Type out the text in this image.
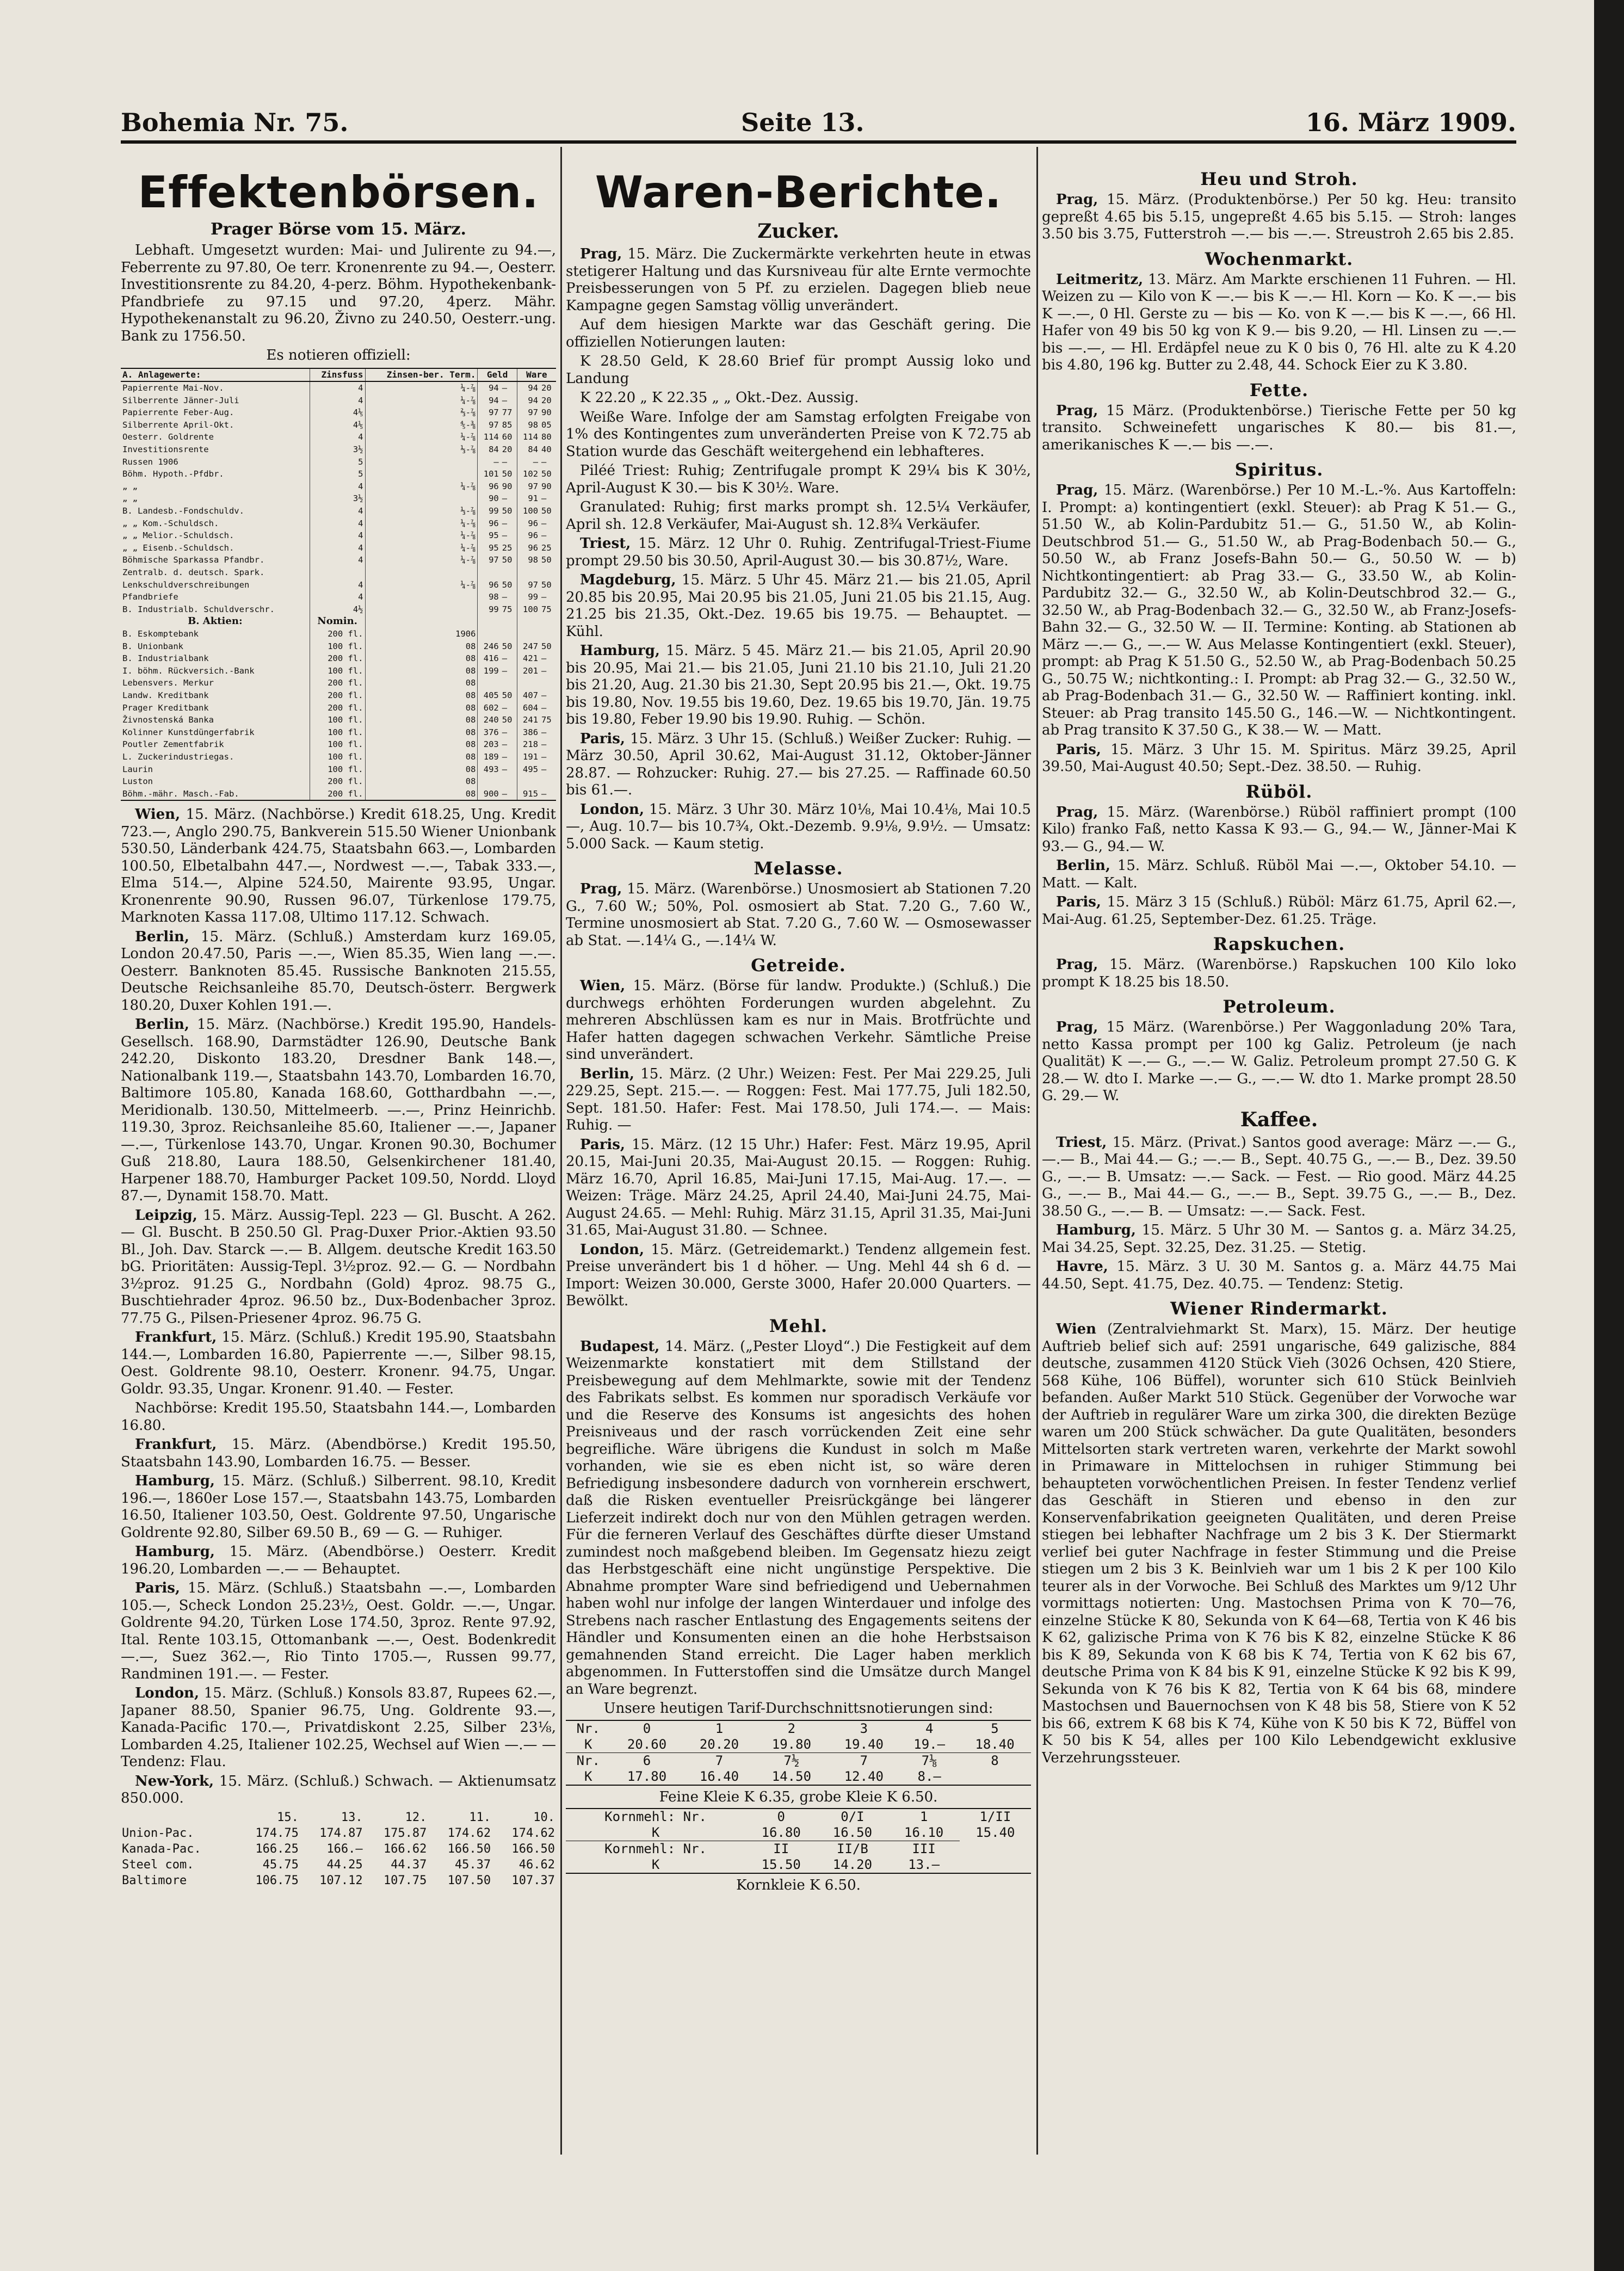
Bohemia Nr. 75.	Seite 13.	16. März 1909.
Effektenbörsen.
Prager Börse vom 15. März.

Lebhaft. Umgesetzt wurden: Mai- und Julirente zu 94.—, Feberrente zu 97.80, Oe terr. Kronenrente zu 94.—, Oesterr. Investitionsrente zu 84.20, 4-perz. Böhm. Hypothekenbank-Pfandbriefe zu 97.15 und 97.20, 4perz. Mähr. Hypothekenanstalt zu 96.20, Živno zu 240.50, Oesterr.-ung. Bank zu 1756.50.

Es notieren offiziell:

A. Anlagewerte:	Zinsfuss	Zinsen-ber. Term.	Geld		Ware	
Papierrente Mai-Nov.	4	¼-⅞	94	—	94	20
Silberrente Jänner-Juli	4	¼-⅞	94	—	94	20
Papierrente Feber-Aug.	4⅕	⅔-⅞	97	77	97	90
Silberrente April-Okt.	4⅕	⅘-⅜	97	85	98	05
Oesterr. Goldrente	4	¼-⅞	114	60	114	80
Investitionsrente	3½	⅓-⅞	84	20	84	40
Russen 1906	5		—	—	—	—
Böhm. Hypoth.-Pfdbr.	5		101	50	102	50
„ „	4	¼-⅞	96	90	97	90
„ „	3½		90	—	91	—
B. Landesb.-Fondschuldv.	4	⅓-⅞	99	50	100	50
„ „ Kom.-Schuldsch.	4	¼-⅞	96	—	96	—
„ „ Melior.-Schuldsch.	4	¼-⅞	95	—	96	—
„ „ Eisenb.-Schuldsch.	4	¼-⅞	95	25	96	25
Böhmische Sparkassa Pfandbr.	4	¼-⅞	97	50	98	50
Zentralb. d. deutsch. Spark.						
Lenkschuldverschreibungen	4	¼-⅞	96	50	97	50
Pfandbriefe	4		98	—	99	—
B. Industrialb. Schuldverschr.	4½		99	75	100	75
B. Aktien:	Nomin.					
B. Eskomptebank	200 fl.	1906				
B. Unionbank	100 fl.	08	246	50	247	50
B. Industrialbank	200 fl.	08	416	—	421	—
I. böhm. Rückversich.-Bank	100 fl.	08	199	—	201	—
Lebensvers. Merkur	200 fl.	08				
Landw. Kreditbank	200 fl.	08	405	50	407	—
Prager Kreditbank	200 fl.	08	602	—	604	—
Živnostenská Banka	100 fl.	08	240	50	241	75
Kolinner Kunstdüngerfabrik	100 fl.	08	376	—	386	—
Poutler Zementfabrik	100 fl.	08	203	—	218	—
L. Zuckerindustriegas.	100 fl.	08	189	—	191	—
Laurin	100 fl.	08	493	—	495	—
Luston	200 fl.	08				
Böhm.-mähr. Masch.-Fab.	200 fl.	08	900	—	915	—

Wien, 15. März. (Nachbörse.) Kredit 618.25, Ung. Kredit 723.—, Anglo 290.75, Bankverein 515.50 Wiener Unionbank 530.50, Länderbank 424.75, Staatsbahn 663.—, Lombarden 100.50, Elbetalbahn 447.—, Nordwest —.—, Tabak 333.—, Elma 514.—, Alpine 524.50, Mairente 93.95, Ungar. Kronenrente 90.90, Russen 96.07, Türkenlose 179.75, Marknoten Kassa 117.08, Ultimo 117.12. Schwach.

Berlin, 15. März. (Schluß.) Amsterdam kurz 169.05, London 20.47.50, Paris —.—, Wien 85.35, Wien lang —.—. Oesterr. Banknoten 85.45. Russische Banknoten 215.55, Deutsche Reichsanleihe 85.70, Deutsch-österr. Bergwerk 180.20, Duxer Kohlen 191.—.

Berlin, 15. März. (Nachbörse.) Kredit 195.90, Handels-Gesellsch. 168.90, Darmstädter 126.90, Deutsche Bank 242.20, Diskonto 183.20, Dresdner Bank 148.—, Nationalbank 119.—, Staatsbahn 143.70, Lombarden 16.70, Baltimore 105.80, Kanada 168.60, Gotthardbahn —.—, Meridionalb. 130.50, Mittelmeerb. —.—, Prinz Heinrichb. 119.30, 3proz. Reichsanleihe 85.60, Italiener —.—, Japaner —.—, Türkenlose 143.70, Ungar. Kronen 90.30, Bochumer Guß 218.80, Laura 188.50, Gelsenkirchener 181.40, Harpener 188.70, Hamburger Packet 109.50, Nordd. Lloyd 87.—, Dynamit 158.70. Matt.

Leipzig, 15. März. Aussig-Tepl. 223 — Gl. Buscht. A 262.— Gl. Buscht. B 250.50 Gl. Prag-Duxer Prior.-Aktien 93.50 Bl., Joh. Dav. Starck —.— B. Allgem. deutsche Kredit 163.50 bG. Prioritäten: Aussig-Tepl. 3½proz. 92.— G. — Nordbahn 3½proz. 91.25 G., Nordbahn (Gold) 4proz. 98.75 G., Buschtiehrader 4proz. 96.50 bz., Dux-Bodenbacher 3proz. 77.75 G., Pilsen-Priesener 4proz. 96.75 G.

Frankfurt, 15. März. (Schluß.) Kredit 195.90, Staatsbahn 144.—, Lombarden 16.80, Papierrente —.—, Silber 98.15, Oest. Goldrente 98.10, Oesterr. Kronenr. 94.75, Ungar. Goldr. 93.35, Ungar. Kronenr. 91.40. — Fester.

Nachbörse: Kredit 195.50, Staatsbahn 144.—, Lombarden 16.80.

Frankfurt, 15. März. (Abendbörse.) Kredit 195.50, Staatsbahn 143.90, Lombarden 16.75. — Besser.

Hamburg, 15. März. (Schluß.) Silberrent. 98.10, Kredit 196.—, 1860er Lose 157.—, Staatsbahn 143.75, Lombarden 16.50, Italiener 103.50, Oest. Goldrente 97.50, Ungarische Goldrente 92.80, Silber 69.50 B., 69 — G. — Ruhiger.

Hamburg, 15. März. (Abendbörse.) Oesterr. Kredit 196.20, Lombarden —.— — Behauptet.

Paris, 15. März. (Schluß.) Staatsbahn —.—, Lombarden 105.—, Scheck London 25.23½, Oest. Goldr. —.—, Ungar. Goldrente 94.20, Türken Lose 174.50, 3proz. Rente 97.92, Ital. Rente 103.15, Ottomanbank —.—, Oest. Bodenkredit —.—, Suez 362.—, Rio Tinto 1705.—, Russen 99.77, Randminen 191.—. — Fester.

London, 15. März. (Schluß.) Konsols 83.87, Rupees 62.—, Japaner 88.50, Spanier 96.75, Ung. Goldrente 93.—, Kanada-Pacific 170.—, Privatdiskont 2.25, Silber 23⅛, Lombarden 4.25, Italiener 102.25, Wechsel auf Wien —.— — Tendenz: Flau.

New-York, 15. März. (Schluß.) Schwach. — Aktienumsatz 850.000.

	15.	13.	12.	11.	10.
Union-Pac.	174.75	174.87	175.87	174.62	174.62
Kanada-Pac.	166.25	166.—	166.62	166.50	166.50
Steel com.	45.75	44.25	44.37	45.37	46.62
Baltimore	106.75	107.12	107.75	107.50	107.37
Waren-Berichte.
Zucker.

Prag, 15. März. Die Zuckermärkte verkehrten heute in etwas stetigerer Haltung und das Kursniveau für alte Ernte vermochte Preisbesserungen von 5 Pf. zu erzielen. Dagegen blieb neue Kampagne gegen Samstag völlig unverändert.

Auf dem hiesigen Markte war das Geschäft gering. Die offiziellen Notierungen lauten:

K 28.50 Geld, K 28.60 Brief für prompt Aussig loko und Landung

K 22.20 „ K 22.35 „ „ Okt.-Dez. Aussig.

Weiße Ware. Infolge der am Samstag erfolgten Freigabe von 1% des Kontingentes zum unveränderten Preise von K 72.75 ab Station wurde das Geschäft weitergehend ein lebhafteres.

Piléé Triest: Ruhig; Zentrifugale prompt K 29¼ bis K 30½, April-August K 30.— bis K 30½. Ware.

Granulated: Ruhig; first marks prompt sh. 12.5¼ Verkäufer, April sh. 12.8 Verkäufer, Mai-August sh. 12.8¾ Verkäufer.

Triest, 15. März. 12 Uhr 0. Ruhig. Zentrifugal-Triest-Fiume prompt 29.50 bis 30.50, April-August 30.— bis 30.87½, Ware.

Magdeburg, 15. März. 5 Uhr 45. März 21.— bis 21.05, April 20.85 bis 20.95, Mai 20.95 bis 21.05, Juni 21.05 bis 21.15, Aug. 21.25 bis 21.35, Okt.-Dez. 19.65 bis 19.75. — Behauptet. — Kühl.

Hamburg, 15. März. 5 45. März 21.— bis 21.05, April 20.90 bis 20.95, Mai 21.— bis 21.05, Juni 21.10 bis 21.10, Juli 21.20 bis 21.20, Aug. 21.30 bis 21.30, Sept 20.95 bis 21.—, Okt. 19.75 bis 19.80, Nov. 19.55 bis 19.60, Dez. 19.65 bis 19.70, Jän. 19.75 bis 19.80, Feber 19.90 bis 19.90. Ruhig. — Schön.

Paris, 15. März. 3 Uhr 15. (Schluß.) Weißer Zucker: Ruhig. — März 30.50, April 30.62, Mai-August 31.12, Oktober-Jänner 28.87. — Rohzucker: Ruhig. 27.— bis 27.25. — Raffinade 60.50 bis 61.—.

London, 15. März. 3 Uhr 30. März 10⅛, Mai 10.4⅛, Mai 10.5—, Aug. 10.7— bis 10.7¾, Okt.-Dezemb. 9.9⅛, 9.9½. — Umsatz: 5.000 Sack. — Kaum stetig.

Melasse.

Prag, 15. März. (Warenbörse.) Unosmosiert ab Stationen 7.20 G., 7.60 W.; 50%, Pol. osmosiert ab Stat. 7.20 G., 7.60 W., Termine unosmosiert ab Stat. 7.20 G., 7.60 W. — Osmosewasser ab Stat. —.14¼ G., —.14¼ W.

Getreide.

Wien, 15. März. (Börse für landw. Produkte.) (Schluß.) Die durchwegs erhöhten Forderungen wurden abgelehnt. Zu mehreren Abschlüssen kam es nur in Mais. Brotfrüchte und Hafer hatten dagegen schwachen Verkehr. Sämtliche Preise sind unverändert.

Berlin, 15. März. (2 Uhr.) Weizen: Fest. Per Mai 229.25, Juli 229.25, Sept. 215.—. — Roggen: Fest. Mai 177.75, Juli 182.50, Sept. 181.50. Hafer: Fest. Mai 178.50, Juli 174.—. — Mais: Ruhig. —

Paris, 15. März. (12 15 Uhr.) Hafer: Fest. März 19.95, April 20.15, Mai-Juni 20.35, Mai-August 20.15. — Roggen: Ruhig. März 16.70, April 16.85, Mai-Juni 17.15, Mai-Aug. 17.—. — Weizen: Träge. März 24.25, April 24.40, Mai-Juni 24.75, Mai-August 24.65. — Mehl: Ruhig. März 31.15, April 31.35, Mai-Juni 31.65, Mai-August 31.80. — Schnee.

London, 15. März. (Getreidemarkt.) Tendenz allgemein fest. Preise unverändert bis 1 d höher. — Ung. Mehl 44 sh 6 d. — Import: Weizen 30.000, Gerste 3000, Hafer 20.000 Quarters. — Bewölkt.

Mehl.

Budapest, 14. März. („Pester Lloyd“.) Die Festigkeit auf dem Weizenmarkte konstatiert mit dem Stillstand der Preisbewegung auf dem Mehlmarkte, sowie mit der Tendenz des Fabrikats selbst. Es kommen nur sporadisch Verkäufe vor und die Reserve des Konsums ist angesichts des hohen Preisniveaus und der rasch vorrückenden Zeit eine sehr begreifliche. Wäre übrigens die Kundust in solch m Maße vorhanden, wie sie es eben nicht ist, so wäre deren Befriedigung insbesondere dadurch von vornherein erschwert, daß die Risken eventueller Preisrückgänge bei längerer Lieferzeit indirekt doch nur von den Mühlen getragen werden. Für die ferneren Verlauf des Geschäftes dürfte dieser Umstand zumindest noch maßgebend bleiben. Im Gegensatz hiezu zeigt das Herbstgeschäft eine nicht ungünstige Perspektive. Die Abnahme prompter Ware sind befriedigend und Uebernahmen haben wohl nur infolge der langen Winterdauer und infolge des Strebens nach rascher Entlastung des Engagements seitens der Händler und Konsumenten einen an die hohe Herbstsaison gemahnenden Stand erreicht. Die Lager haben merklich abgenommen. In Futterstoffen sind die Umsätze durch Mangel an Ware begrenzt.

Unsere heutigen Tarif-Durchschnittsnotierungen sind:

Nr.	0	1	2	3	4	5
K	20.60	20.20	19.80	19.40	19.—	18.40
Nr.	6	7	7½	7	7⅛	8
K	17.80	16.40	14.50	12.40	8.—	

Feine Kleie K 6.35, grobe Kleie K 6.50.

Kornmehl: Nr.	0	0/I	1	1/II
K	16.80	16.50	16.10	15.40
Kornmehl: Nr.	II	II/B	III	
K	15.50	14.20	13.—	

Kornkleie K 6.50.

Heu und Stroh.

Prag, 15. März. (Produktenbörse.) Per 50 kg. Heu: transito gepreßt 4.65 bis 5.15, ungepreßt 4.65 bis 5.15. — Stroh: langes 3.50 bis 3.75, Futterstroh —.— bis —.—. Streustroh 2.65 bis 2.85.

Wochenmarkt.

Leitmeritz, 13. März. Am Markte erschienen 11 Fuhren. — Hl. Weizen zu — Kilo von K —.— bis K —.— Hl. Korn — Ko. K —.— bis K —.—, 0 Hl. Gerste zu — bis — Ko. von K —.— bis K —.—, 66 Hl. Hafer von 49 bis 50 kg von K 9.— bis 9.20, — Hl. Linsen zu —.— bis —.—, — Hl. Erdäpfel neue zu K 0 bis 0, 76 Hl. alte zu K 4.20 bis 4.80, 196 kg. Butter zu 2.48, 44. Schock Eier zu K 3.80.

Fette.

Prag, 15 März. (Produktenbörse.) Tierische Fette per 50 kg transito. Schweinefett ungarisches K 80.— bis 81.—, amerikanisches K —.— bis —.—.

Spiritus.

Prag, 15. März. (Warenbörse.) Per 10 M.-L.-%. Aus Kartoffeln: I. Prompt: a) kontingentiert (exkl. Steuer): ab Prag K 51.— G., 51.50 W., ab Kolin-Pardubitz 51.— G., 51.50 W., ab Kolin-Deutschbrod 51.— G., 51.50 W., ab Prag-Bodenbach 50.— G., 50.50 W., ab Franz Josefs-Bahn 50.— G., 50.50 W. — b) Nichtkontingentiert: ab Prag 33.— G., 33.50 W., ab Kolin-Pardubitz 32.— G., 32.50 W., ab Kolin-Deutschbrod 32.— G., 32.50 W., ab Prag-Bodenbach 32.— G., 32.50 W., ab Franz-Josefs-Bahn 32.— G., 32.50 W. — II. Termine: Konting. ab Stationen ab März —.— G., —.— W. Aus Melasse Kontingentiert (exkl. Steuer), prompt: ab Prag K 51.50 G., 52.50 W., ab Prag-Bodenbach 50.25 G., 50.75 W.; nichtkonting.: I. Prompt: ab Prag 32.— G., 32.50 W., ab Prag-Bodenbach 31.— G., 32.50 W. — Raffiniert konting. inkl. Steuer: ab Prag transito 145.50 G., 146.—W. — Nichtkontingent. ab Prag transito K 37.50 G., K 38.— W. — Matt.

Paris, 15. März. 3 Uhr 15. M. Spiritus. März 39.25, April 39.50, Mai-August 40.50; Sept.-Dez. 38.50. — Ruhig.

Rüböl.

Prag, 15. März. (Warenbörse.) Rüböl raffiniert prompt (100 Kilo) franko Faß, netto Kassa K 93.— G., 94.— W., Jänner-Mai K 93.— G., 94.— W.

Berlin, 15. März. Schluß. Rüböl Mai —.—, Oktober 54.10. — Matt. — Kalt.

Paris, 15. März 3 15 (Schluß.) Rüböl: März 61.75, April 62.—, Mai-Aug. 61.25, September-Dez. 61.25. Träge.

Rapskuchen.

Prag, 15. März. (Warenbörse.) Rapskuchen 100 Kilo loko prompt K 18.25 bis 18.50.

Petroleum.

Prag, 15 März. (Warenbörse.) Per Waggonladung 20% Tara, netto Kassa prompt per 100 kg Galiz. Petroleum (je nach Qualität) K —.— G., —.— W. Galiz. Petroleum prompt 27.50 G. K 28.— W. dto I. Marke —.— G., —.— W. dto 1. Marke prompt 28.50 G. 29.— W.

Kaffee.

Triest, 15. März. (Privat.) Santos good average: März —.— G., —.— B., Mai 44.— G.; —.— B., Sept. 40.75 G., —.— B., Dez. 39.50 G., —.— B. Umsatz: —.— Sack. — Fest. — Rio good. März 44.25 G., —.— B., Mai 44.— G., —.— B., Sept. 39.75 G., —.— B., Dez. 38.50 G., —.— B. — Umsatz: —.— Sack. Fest.

Hamburg, 15. März. 5 Uhr 30 M. — Santos g. a. März 34.25, Mai 34.25, Sept. 32.25, Dez. 31.25. — Stetig.

Havre, 15. März. 3 U. 30 M. Santos g. a. März 44.75 Mai 44.50, Sept. 41.75, Dez. 40.75. — Tendenz: Stetig.

Wiener Rindermarkt.

Wien (Zentralviehmarkt St. Marx), 15. März. Der heutige Auftrieb belief sich auf: 2591 ungarische, 649 galizische, 884 deutsche, zusammen 4120 Stück Vieh (3026 Ochsen, 420 Stiere, 568 Kühe, 106 Büffel), worunter sich 610 Stück Beinlvieh befanden. Außer Markt 510 Stück. Gegenüber der Vorwoche war der Auftrieb in regulärer Ware um zirka 300, die direkten Bezüge waren um 200 Stück schwächer. Da gute Qualitäten, besonders Mittelsorten stark vertreten waren, verkehrte der Markt sowohl in Primaware in Mittelochsen in ruhiger Stimmung bei behaupteten vorwöchentlichen Preisen. In fester Tendenz verlief das Geschäft in Stieren und ebenso in den zur Konservenfabrikation geeigneten Qualitäten, und deren Preise stiegen bei lebhafter Nachfrage um 2 bis 3 K. Der Stiermarkt verlief bei guter Nachfrage in fester Stimmung und die Preise stiegen um 2 bis 3 K. Beinlvieh war um 1 bis 2 K per 100 Kilo teurer als in der Vorwoche. Bei Schluß des Marktes um 9/12 Uhr vormittags notierten: Ung. Mastochsen Prima von K 70—76, einzelne Stücke K 80, Sekunda von K 64—68, Tertia von K 46 bis K 62, galizische Prima von K 76 bis K 82, einzelne Stücke K 86 bis K 89, Sekunda von K 68 bis K 74, Tertia von K 62 bis 67, deutsche Prima von K 84 bis K 91, einzelne Stücke K 92 bis K 99, Sekunda von K 76 bis K 82, Tertia von K 64 bis 68, mindere Mastochsen und Bauernochsen von K 48 bis 58, Stiere von K 52 bis 66, extrem K 68 bis K 74, Kühe von K 50 bis K 72, Büffel von K 50 bis K 54, alles per 100 Kilo Lebendgewicht exklusive Verzehrungssteuer.
